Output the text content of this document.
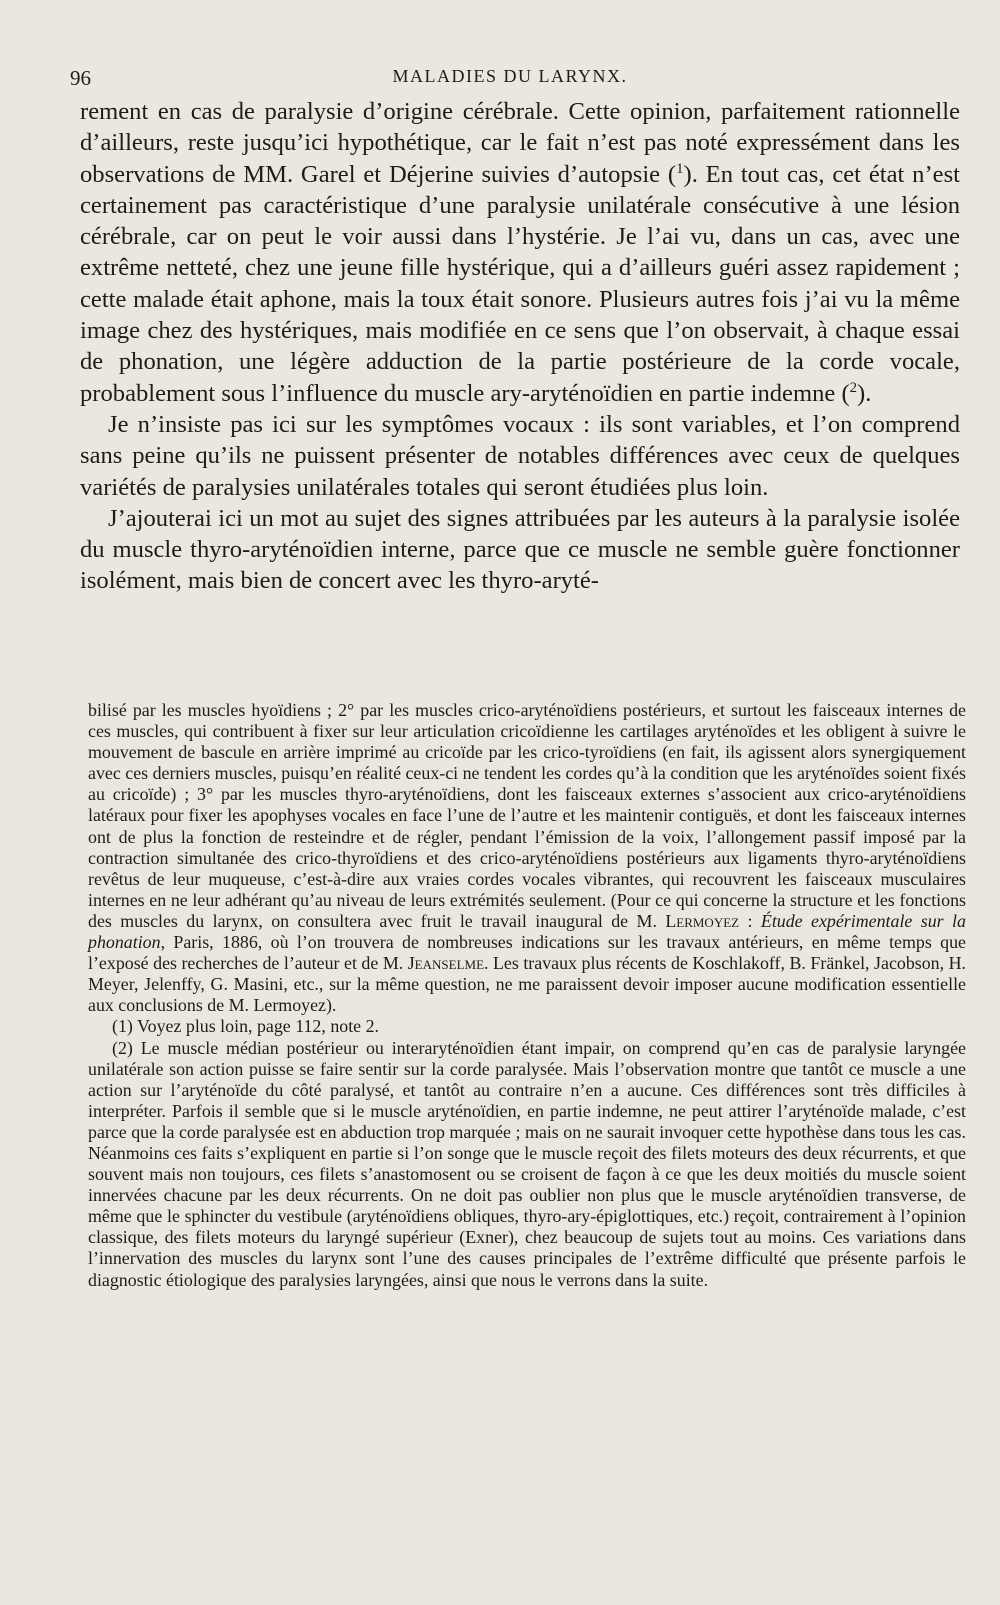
96	MALADIES DU LARYNX.

rement en cas de paralysie d’origine cérébrale. Cette opinion, parfaitement rationnelle d’ailleurs, reste jusqu’ici hypothétique, car le fait n’est pas noté expressément dans les observations de MM. Garel et Déjerine suivies d’autopsie ($^1$). En tout cas, cet état n’est certainement pas caractéristique d’une paralysie unilatérale consécutive à une lésion cérébrale, car on peut le voir aussi dans l’hystérie. Je l’ai vu, dans un cas, avec une extrême netteté, chez une jeune fille hystérique, qui a d’ailleurs guéri assez rapidement ; cette malade était aphone, mais la toux était sonore. Plusieurs autres fois j’ai vu la même image chez des hystériques, mais modifiée en ce sens que l’on observait, à chaque essai de phonation, une légère adduction de la partie postérieure de la corde vocale, probablement sous l’influence du muscle ary-aryténoïdien en partie indemne ($^2$).

Je n’insiste pas ici sur les symptômes vocaux : ils sont variables, et l’on comprend sans peine qu’ils ne puissent présenter de notables différences avec ceux de quelques variétés de paralysies unilatérales totales qui seront étudiées plus loin.

J’ajouterai ici un mot au sujet des signes attribuées par les auteurs à la paralysie isolée du muscle thyro-aryténoïdien interne, parce que ce muscle ne semble guère fonctionner isolément, mais bien de concert avec les thyro-aryté-

bilisé par les muscles hyoïdiens ; 2° par les muscles crico-aryténoïdiens postérieurs, et surtout les faisceaux internes de ces muscles, qui contribuent à fixer sur leur articulation cricoïdienne les cartilages aryténoïdes et les obligent à suivre le mouvement de bascule en arrière imprimé au cricoïde par les crico-tyroïdiens (en fait, ils agissent alors synergiquement avec ces derniers muscles, puisqu’en réalité ceux-ci ne tendent les cordes qu’à la condition que les aryténoïdes soient fixés au cricoïde) ; 3° par les muscles thyro-aryténoïdiens, dont les faisceaux externes s’associent aux crico-aryténoïdiens latéraux pour fixer les apophyses vocales en face l’une de l’autre et les maintenir contiguës, et dont les faisceaux internes ont de plus la fonction de resteindre et de régler, pendant l’émission de la voix, l’allongement passif imposé par la contraction simultanée des crico-thyroïdiens et des crico-aryténoïdiens postérieurs aux ligaments thyro-aryténoïdiens revêtus de leur muqueuse, c’est-à-dire aux vraies cordes vocales vibrantes, qui recouvrent les faisceaux musculaires internes en ne leur adhérant qu’au niveau de leurs extrémités seulement. (Pour ce qui concerne la structure et les fonctions des muscles du larynx, on consultera avec fruit le travail inaugural de M. Lermoyez : Étude expérimentale sur la phonation, Paris, 1886, où l’on trouvera de nombreuses indications sur les travaux antérieurs, en même temps que l’exposé des recherches de l’auteur et de M. Jeanselme. Les travaux plus récents de Koschlakoff, B. Fränkel, Jacobson, H. Meyer, Jelenffy, G. Masini, etc., sur la même question, ne me paraissent devoir imposer aucune modification essentielle aux conclusions de M. Lermoyez).

(1) Voyez plus loin, page 112, note 2.

(2) Le muscle médian postérieur ou interaryténoïdien étant impair, on comprend qu’en cas de paralysie laryngée unilatérale son action puisse se faire sentir sur la corde paralysée. Mais l’observation montre que tantôt ce muscle a une action sur l’aryténoïde du côté paralysé, et tantôt au contraire n’en a aucune. Ces différences sont très difficiles à interpréter. Parfois il semble que si le muscle aryténoïdien, en partie indemne, ne peut attirer l’aryténoïde malade, c’est parce que la corde paralysée est en abduction trop marquée ; mais on ne saurait invoquer cette hypothèse dans tous les cas. Néanmoins ces faits s’expliquent en partie si l’on songe que le muscle reçoit des filets moteurs des deux récurrents, et que souvent mais non toujours, ces filets s’anastomosent ou se croisent de façon à ce que les deux moitiés du muscle soient innervées chacune par les deux récurrents. On ne doit pas oublier non plus que le muscle aryténoïdien transverse, de même que le sphincter du vestibule (aryténoïdiens obliques, thyro-ary-épiglottiques, etc.) reçoit, contrairement à l’opinion classique, des filets moteurs du laryngé supérieur (Exner), chez beaucoup de sujets tout au moins. Ces variations dans l’innervation des muscles du larynx sont l’une des causes principales de l’extrême difficulté que présente parfois le diagnostic étiologique des paralysies laryngées, ainsi que nous le verrons dans la suite.
